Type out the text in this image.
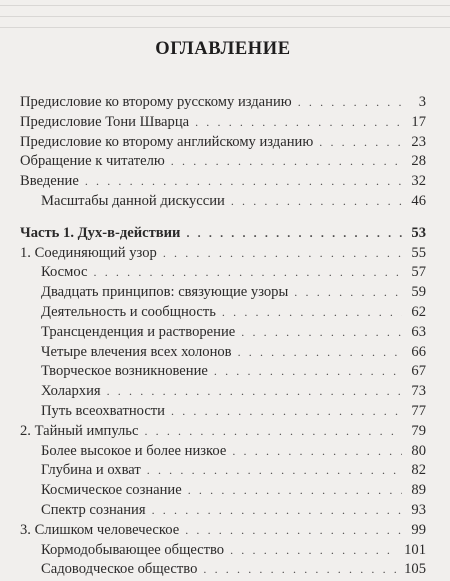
ОГЛАВЛЕНИЕ
Предисловие ко второму русскому изданию . . .	3
Предисловие Тони Шварца . . .	17
Предисловие ко второму английскому изданию . . .	23
Обращение к читателю . . .	28
Введение . . .	32
Масштабы данной дискуссии . . .	46
Часть 1. Дух-в-действии . . .	53
1. Соединяющий узор . . .	55
Космос . . .	57
Двадцать принципов: связующие узоры . . .	59
Деятельность и сообщность . . .	62
Трансценденция и растворение . . .	63
Четыре влечения всех холонов . . .	66
Творческое возникновение . . .	67
Холархия . . .	73
Путь всеохватности . . .	77
2. Тайный импульс . . .	79
Более высокое и более низкое . . .	80
Глубина и охват . . .	82
Космическое сознание . . .	89
Спектр сознания . . .	93
3. Слишком человеческое . . .	99
Кормодобывающее общество . . .	101
Садоводческое общество . . .	105
